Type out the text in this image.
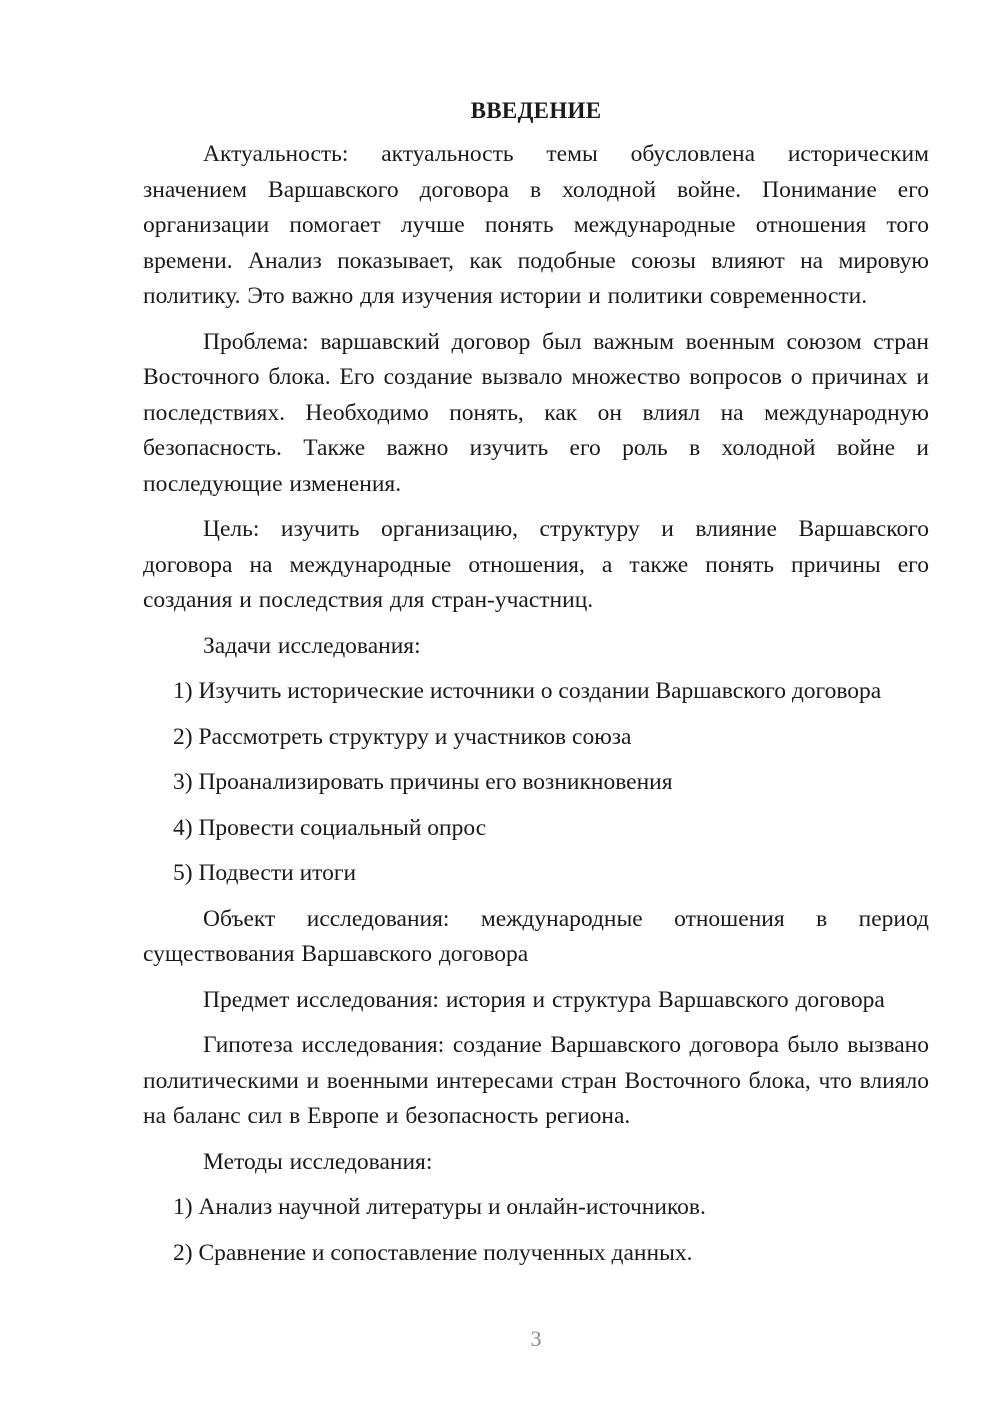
ВВЕДЕНИЕ

Актуальность: актуальность темы обусловлена историческим значением Варшавского договора в холодной войне. Понимание его организации помогает лучше понять международные отношения того времени. Анализ показывает, как подобные союзы влияют на мировую политику. Это важно для изучения истории и политики современности.

Проблема: варшавский договор был важным военным союзом стран Восточного блока. Его создание вызвало множество вопросов о причинах и последствиях. Необходимо понять, как он влиял на международную безопасность. Также важно изучить его роль в холодной войне и последующие изменения.

Цель: изучить организацию, структуру и влияние Варшавского договора на международные отношения, а также понять причины его создания и последствия для стран-участниц.

Задачи исследования:

1) Изучить исторические источники о создании Варшавского договора

2) Рассмотреть структуру и участников союза

3) Проанализировать причины его возникновения

4) Провести социальный опрос

5) Подвести итоги

Объект исследования: международные отношения в период существования Варшавского договора

Предмет исследования: история и структура Варшавского договора

Гипотеза исследования: создание Варшавского договора было вызвано политическими и военными интересами стран Восточного блока, что влияло на баланс сил в Европе и безопасность региона.

Методы исследования:

1) Анализ научной литературы и онлайн-источников.

2) Сравнение и сопоставление полученных данных.

3
